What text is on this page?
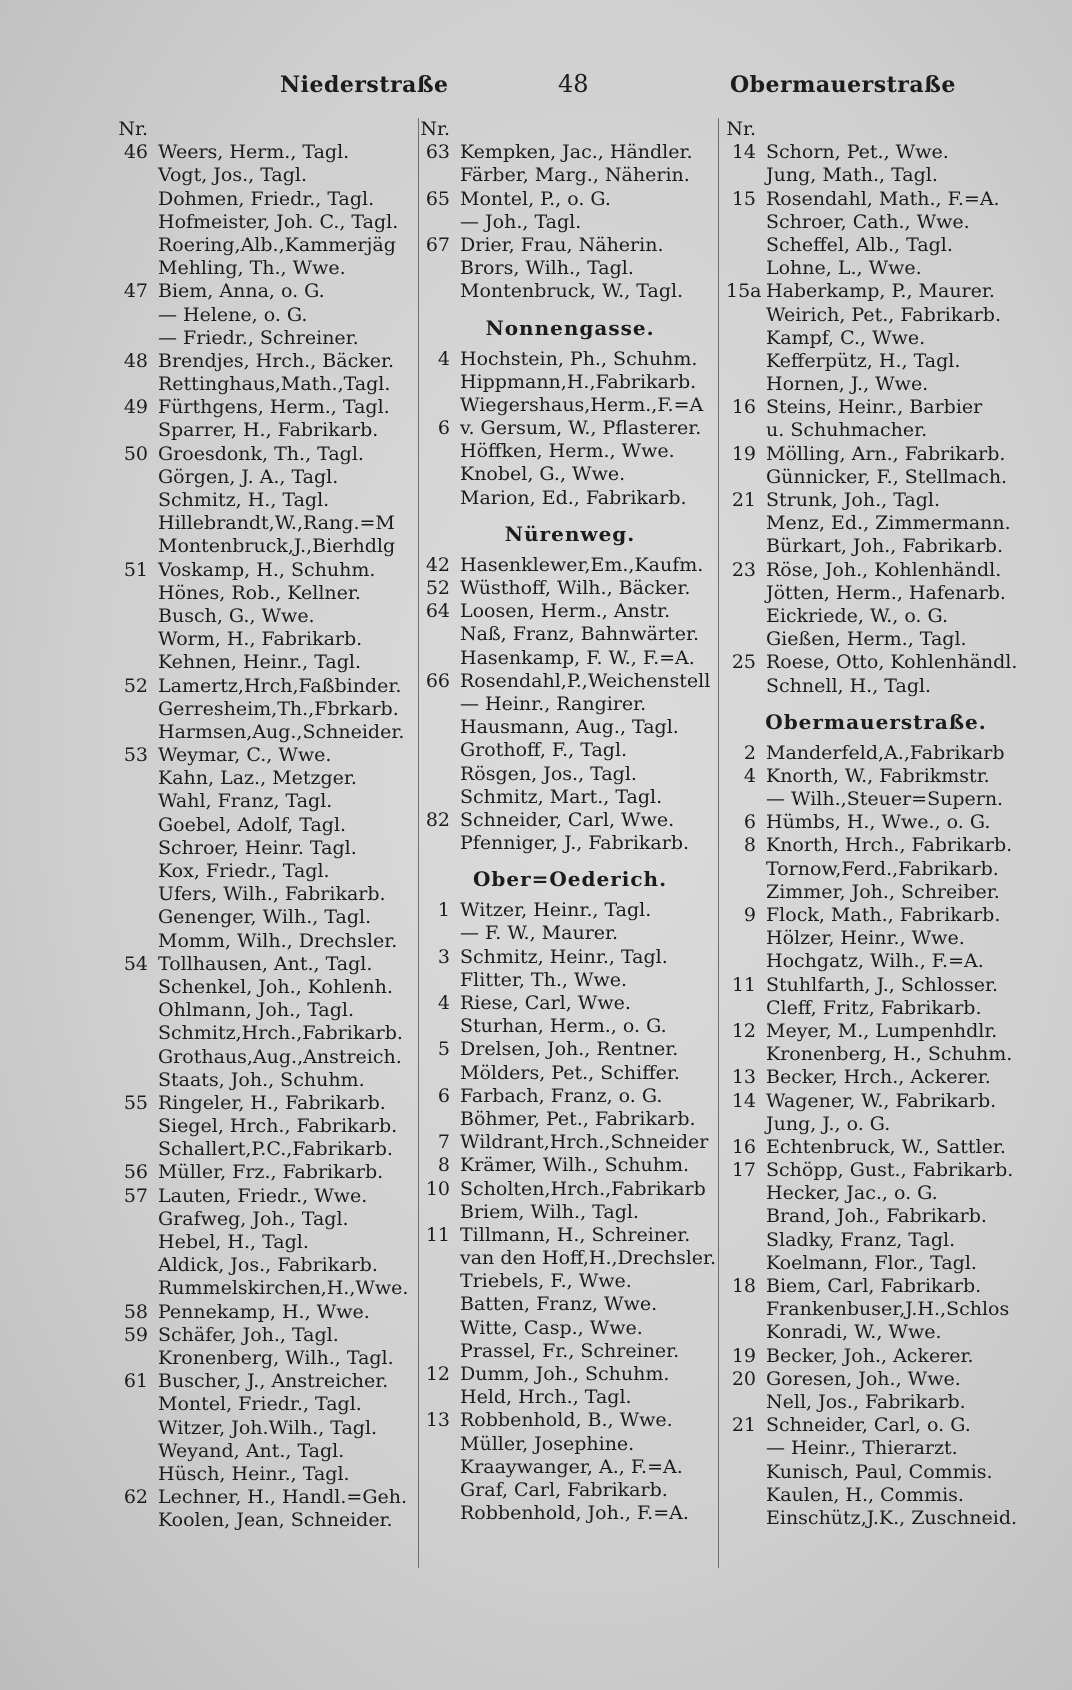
Niederstraße	48	Obermauerstraße
Nr.
46 Weers, Herm., Tagl.
Vogt, Jos., Tagl.
Dohmen, Friedr., Tagl.
Hofmeister, Joh. C., Tagl.
Roering,Alb.,Kammerjäg
Mehling, Th., Wwe.
47 Biem, Anna, o. G.
— Helene, o. G.
— Friedr., Schreiner.
48 Brendjes, Hrch., Bäcker.
Rettinghaus,Math.,Tagl.
49 Fürthgens, Herm., Tagl.
Sparrer, H., Fabrikarb.
50 Groesdonk, Th., Tagl.
Görgen, J. A., Tagl.
Schmitz, H., Tagl.
Hillebrandt,W.,Rang.=M
Montenbruck,J.,Bierhdlg
51 Voskamp, H., Schuhm.
Hönes, Rob., Kellner.
Busch, G., Wwe.
Worm, H., Fabrikarb.
Kehnen, Heinr., Tagl.
52 Lamertz,Hrch,Faßbinder.
Gerresheim,Th.,Fbrkarb.
Harmsen,Aug.,Schneider.
53 Weymar, C., Wwe.
Kahn, Laz., Metzger.
Wahl, Franz, Tagl.
Goebel, Adolf, Tagl.
Schroer, Heinr. Tagl.
Kox, Friedr., Tagl.
Ufers, Wilh., Fabrikarb.
Genenger, Wilh., Tagl.
Momm, Wilh., Drechsler.
54 Tollhausen, Ant., Tagl.
Schenkel, Joh., Kohlenh.
Ohlmann, Joh., Tagl.
Schmitz,Hrch.,Fabrikarb.
Grothaus,Aug.,Anstreich.
Staats, Joh., Schuhm.
55 Ringeler, H., Fabrikarb.
Siegel, Hrch., Fabrikarb.
Schallert,P.C.,Fabrikarb.
56 Müller, Frz., Fabrikarb.
57 Lauten, Friedr., Wwe.
Grafweg, Joh., Tagl.
Hebel, H., Tagl.
Aldick, Jos., Fabrikarb.
Rummelskirchen,H.,Wwe.
58 Pennekamp, H., Wwe.
59 Schäfer, Joh., Tagl.
Kronenberg, Wilh., Tagl.
61 Buscher, J., Anstreicher.
Montel, Friedr., Tagl.
Witzer, Joh.Wilh., Tagl.
Weyand, Ant., Tagl.
Hüsch, Heinr., Tagl.
62 Lechner, H., Handl.=Geh.
Koolen, Jean, Schneider.
Nr.
63 Kempken, Jac., Händler.
Färber, Marg., Näherin.
65 Montel, P., o. G.
— Joh., Tagl.
67 Drier, Frau, Näherin.
Brors, Wilh., Tagl.
Montenbruck, W., Tagl.
Nonnengasse.
4 Hochstein, Ph., Schuhm.
Hippmann,H.,Fabrikarb.
Wiegershaus,Herm.,F.=A
6 v. Gersum, W., Pflasterer.
Höffken, Herm., Wwe.
Knobel, G., Wwe.
Marion, Ed., Fabrikarb.
Nürenweg.
42 Hasenklewer,Em.,Kaufm.
52 Wüsthoff, Wilh., Bäcker.
64 Loosen, Herm., Anstr.
Naß, Franz, Bahnwärter.
Hasenkamp, F. W., F.=A.
66 Rosendahl,P.,Weichenstell
— Heinr., Rangirer.
Hausmann, Aug., Tagl.
Grothoff, F., Tagl.
Rösgen, Jos., Tagl.
Schmitz, Mart., Tagl.
82 Schneider, Carl, Wwe.
Pfenniger, J., Fabrikarb.
Ober=Oederich.
1 Witzer, Heinr., Tagl.
— F. W., Maurer.
3 Schmitz, Heinr., Tagl.
Flitter, Th., Wwe.
4 Riese, Carl, Wwe.
Sturhan, Herm., o. G.
5 Drelsen, Joh., Rentner.
Mölders, Pet., Schiffer.
6 Farbach, Franz, o. G.
Böhmer, Pet., Fabrikarb.
7 Wildrant,Hrch.,Schneider
8 Krämer, Wilh., Schuhm.
10 Scholten,Hrch.,Fabrikarb
Briem, Wilh., Tagl.
11 Tillmann, H., Schreiner.
van den Hoff,H.,Drechsler.
Triebels, F., Wwe.
Batten, Franz, Wwe.
Witte, Casp., Wwe.
Prassel, Fr., Schreiner.
12 Dumm, Joh., Schuhm.
Held, Hrch., Tagl.
13 Robbenhold, B., Wwe.
Müller, Josephine.
Kraaywanger, A., F.=A.
Graf, Carl, Fabrikarb.
Robbenhold, Joh., F.=A.
Nr.
14 Schorn, Pet., Wwe.
Jung, Math., Tagl.
15 Rosendahl, Math., F.=A.
Schroer, Cath., Wwe.
Scheffel, Alb., Tagl.
Lohne, L., Wwe.
15a Haberkamp, P., Maurer.
Weirich, Pet., Fabrikarb.
Kampf, C., Wwe.
Kefferpütz, H., Tagl.
Hornen, J., Wwe.
16 Steins, Heinr., Barbier
u. Schuhmacher.
19 Mölling, Arn., Fabrikarb.
Günnicker, F., Stellmach.
21 Strunk, Joh., Tagl.
Menz, Ed., Zimmermann.
Bürkart, Joh., Fabrikarb.
23 Röse, Joh., Kohlenhändl.
Jötten, Herm., Hafenarb.
Eickriede, W., o. G.
Gießen, Herm., Tagl.
25 Roese, Otto, Kohlenhändl.
Schnell, H., Tagl.
Obermauerstraße.
2 Manderfeld,A.,Fabrikarb
4 Knorth, W., Fabrikmstr.
— Wilh.,Steuer=Supern.
6 Hümbs, H., Wwe., o. G.
8 Knorth, Hrch., Fabrikarb.
Tornow,Ferd.,Fabrikarb.
Zimmer, Joh., Schreiber.
9 Flock, Math., Fabrikarb.
Hölzer, Heinr., Wwe.
Hochgatz, Wilh., F.=A.
11 Stuhlfarth, J., Schlosser.
Cleff, Fritz, Fabrikarb.
12 Meyer, M., Lumpenhdlr.
Kronenberg, H., Schuhm.
13 Becker, Hrch., Ackerer.
14 Wagener, W., Fabrikarb.
Jung, J., o. G.
16 Echtenbruck, W., Sattler.
17 Schöpp, Gust., Fabrikarb.
Hecker, Jac., o. G.
Brand, Joh., Fabrikarb.
Sladky, Franz, Tagl.
Koelmann, Flor., Tagl.
18 Biem, Carl, Fabrikarb.
Frankenbuser,J.H.,Schlos
Konradi, W., Wwe.
19 Becker, Joh., Ackerer.
20 Goresen, Joh., Wwe.
Nell, Jos., Fabrikarb.
21 Schneider, Carl, o. G.
— Heinr., Thierarzt.
Kunisch, Paul, Commis.
Kaulen, H., Commis.
Einschütz,J.K., Zuschneid.
